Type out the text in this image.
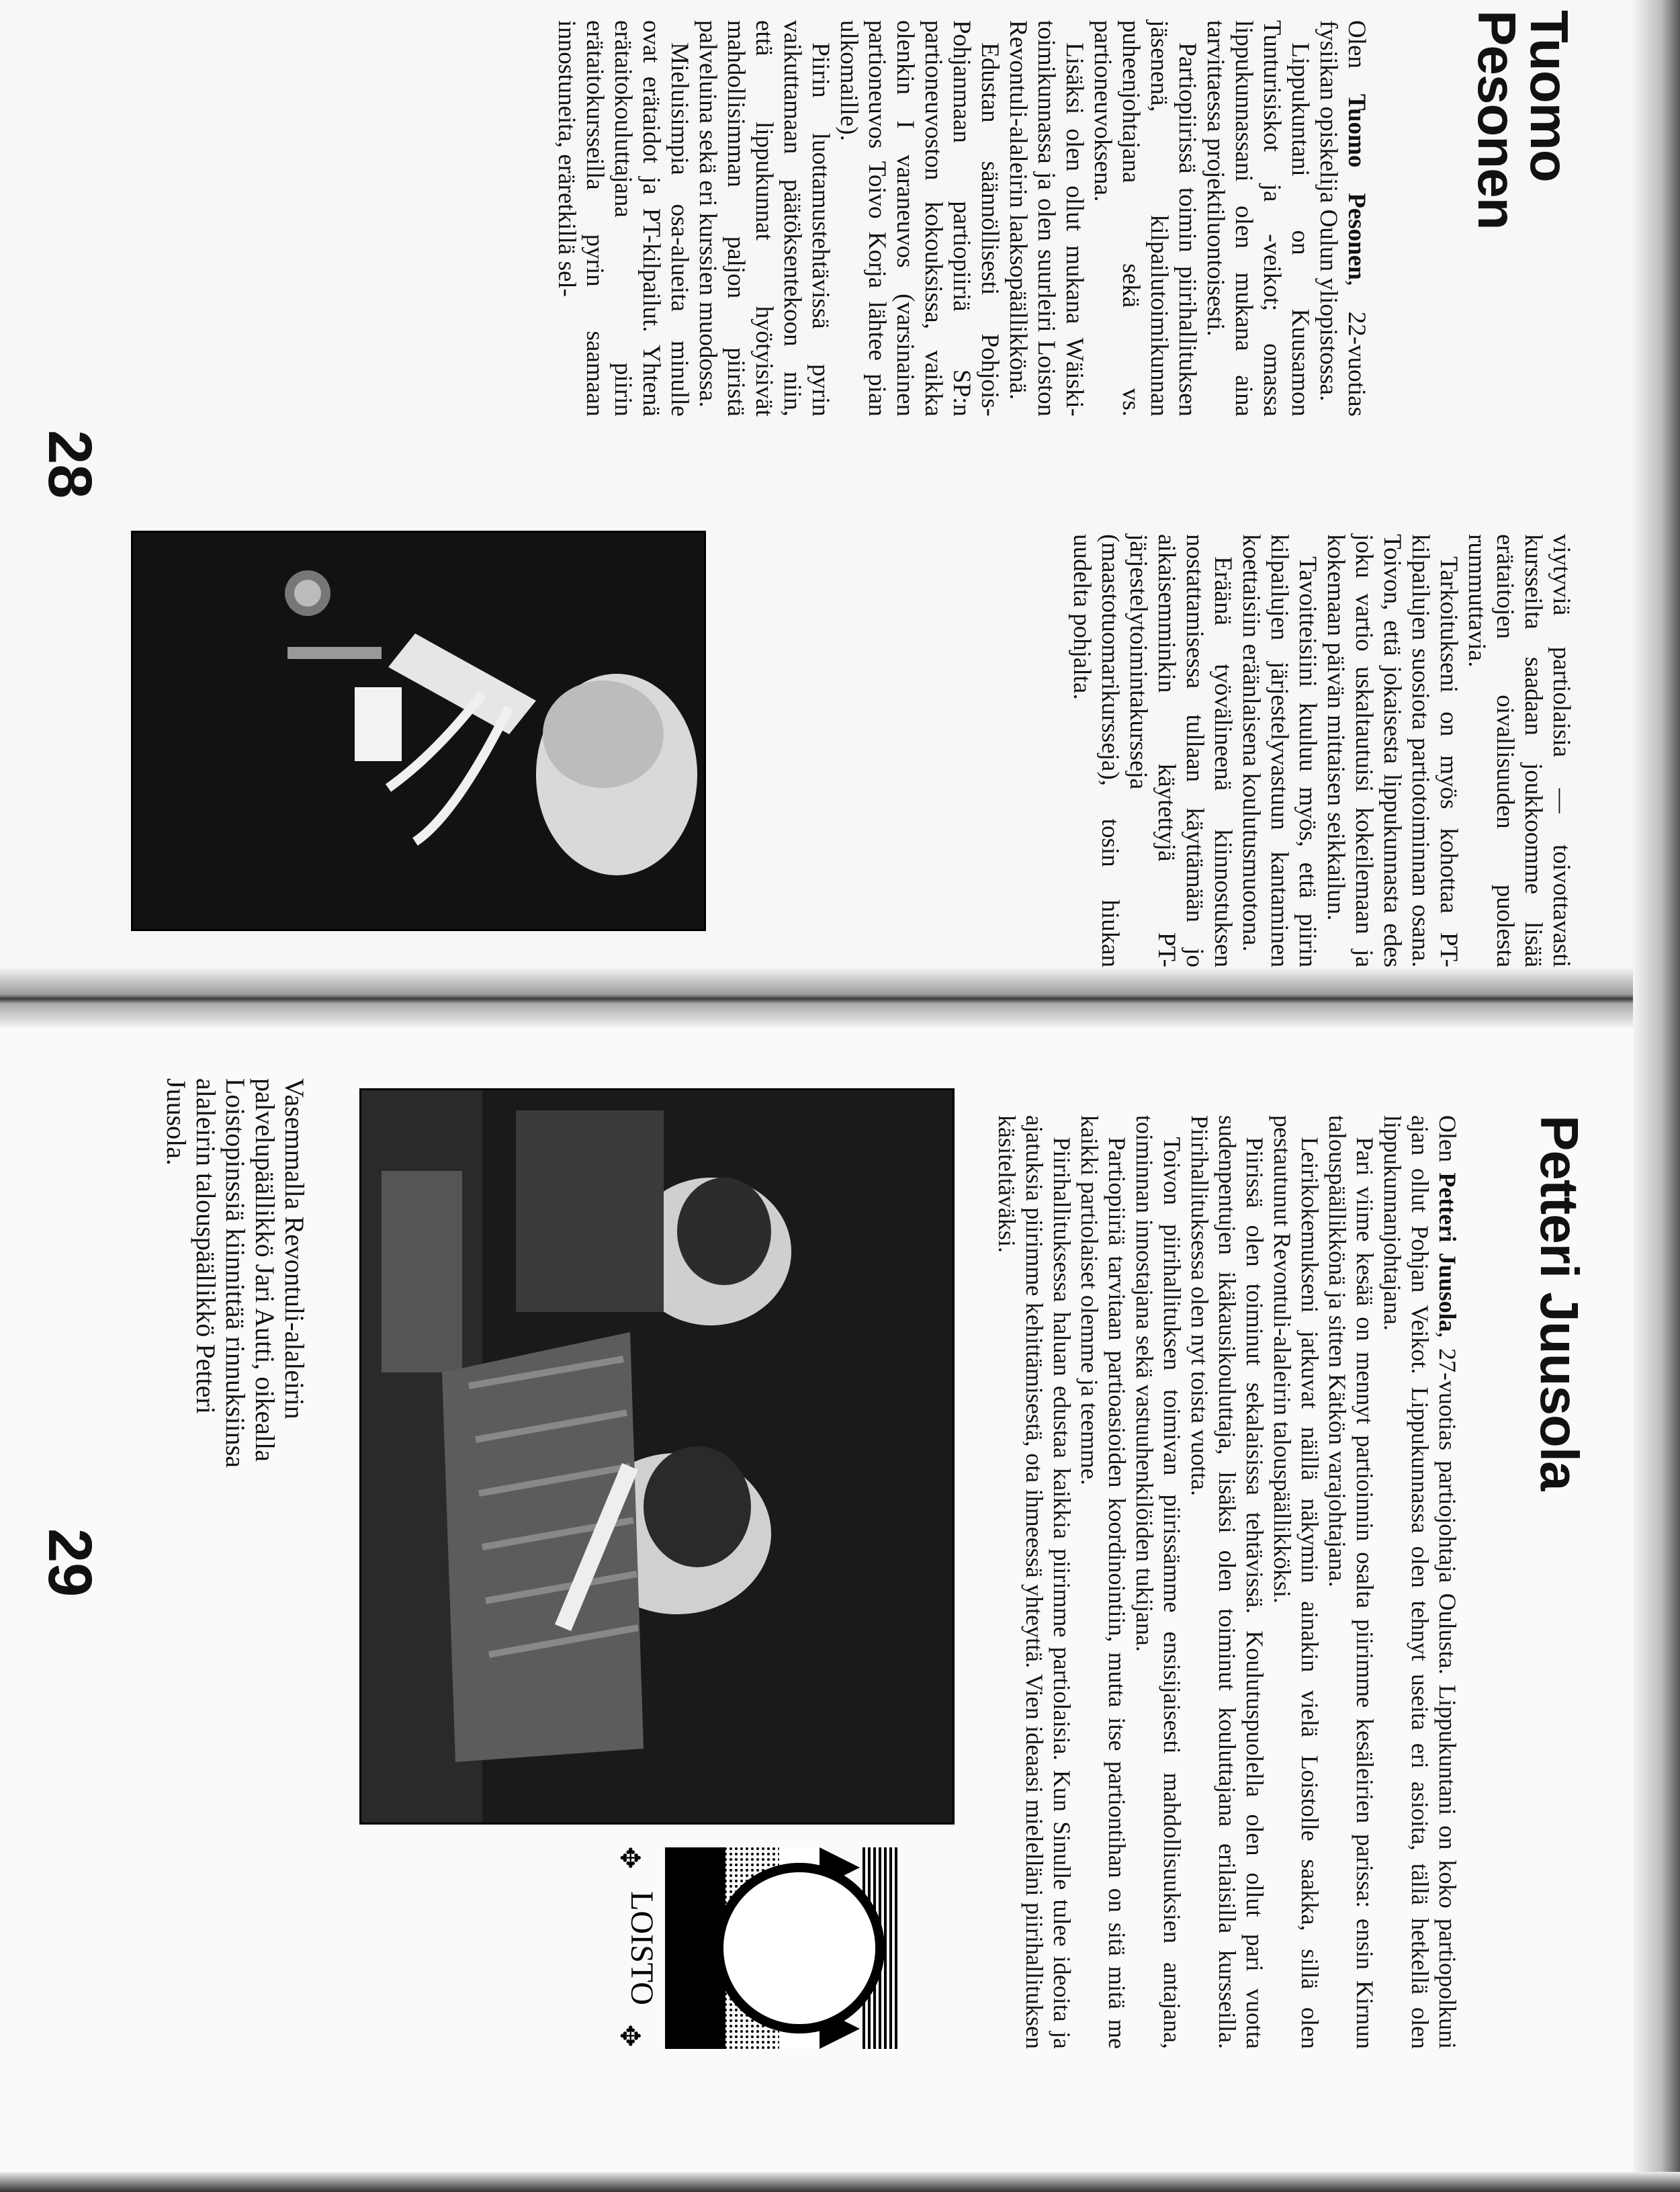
Tuomo
Pesonen

Olen Tuomo Pesonen, 22-vuotias fysiikan opiskelija Oulun yliopistossa.

Lippukuntani on Kuusamon Tunturisiskot ja -veikot; omassa lippukunnassani olen mukana aina tarvittaessa projektiluontoisesti.

Partiopiirissä toimin piirihallituksen jäsenenä, kilpailutoimikunnan puheenjohtajana sekä vs. partioneuvoksena.

Lisäksi olen ollut mukana Wäiski-toimikunnassa ja olen suurleiri Loiston Revontuli-alaleirin laaksopäällikkönä.

Edustan säännöllisesti Pohjois-Pohjanmaan partiopiiriä SP:n partioneuvoston kokouksissa, vaikka olenkin I varaneuvos (varsinainen partioneuvos Toivo Korja lähtee pian ulkomaille).

Piirin luottamustehtävissä pyrin vaikuttamaan päätöksentekoon niin, että lippukunnat hyötyisivät mahdollisimman paljon piiristä palveluina sekä eri kurssien muodossa.

Mieluisimpia osa-alueita minulle ovat erätaidot ja PT-kilpailut. Yhtenä erätaitokouluttajana piirin erätaitokursseilla pyrin saamaan innostuneita, eräretkillä sel-

28

viytyviä partiolaisia — toivottavasti kursseilta saadaan joukkoomme lisää erätaitojen oivallisuuden puolesta rummuttavia.

Tarkoitukseni on myös kohottaa PT-kilpailujen suosiota partiotoiminnan osana. Toivon, että jokaisesta lippukunnasta edes joku vartio uskaltautuisi kokeilemaan ja kokemaan päivän mittaisen seikkailun.

Tavoitteisiini kuuluu myös, että piirin kilpailujen järjestelyvastuun kantaminen koettaisiin eräänlaisena koulutusmuotona.

Eräänä työvälineenä kiinnostuksen nostattamisessa tullaan käyttämään jo aikaisemminkin käytettyjä PT-järjestelytoimintakursseja (maastotuomarikursseja), tosin hiukan uudelta pohjalta.

Petteri Juusola

Olen Petteri Juusola, 27-vuotias partiojohtaja Oulusta. Lippukuntani on koko partiopolkuni ajan ollut Pohjan Veikot. Lippukunnassa olen tehnyt useita eri asioita, tällä hetkellä olen lippukunnanjohtajana.

Pari viime kesää on mennyt partioinnin osalta piirimme kesäleirien parissa: ensin Kirnun talouspäällikkönä ja sitten Kätkön varajohtajana.

Leirikokemukseni jatkuvat näillä näkymin ainakin vielä Loistolle saakka, sillä olen pestautunut Revontuli-alaleirin talouspäällikköksi.

Piirissä olen toiminut sekalaisissa tehtävissä. Koulutuspuolella olen ollut pari vuotta sudenpentujen ikäkausikouluttaja, lisäksi olen toiminut kouluttajana erilaisilla kursseilla. Piirihallituksessa olen nyt toista vuotta.

Toivon piirihallituksen toimivan piirissämme ensisijaisesti mahdollisuuksien antajana, toiminnan innostajana sekä vastuuhenkilöiden tukijana.

Partiopiiriä tarvitaan partioasioiden koordinointiin, mutta itse partiontihan on sitä mitä me kaikki partiolaiset olemme ja teemme.

Piirihallituksessa haluan edustaa kaikkia piirimme partiolaisia. Kun Sinulle tulee ideoita ja ajatuksia piirimme kehittämisestä, ota ihmeessä yhteyttä. Vien ideaasi mielelläni piirihallituksen käsiteltäväksi.

Vasemmalla Revontuli-alaleirin palvelupäällikkö Jari Autti, oikealla Loistopinssiä kiinnittää rinnuksiinsa alaleirin talouspäällikkö Petteri Juusola.
29
LOISTO
✥
✥
